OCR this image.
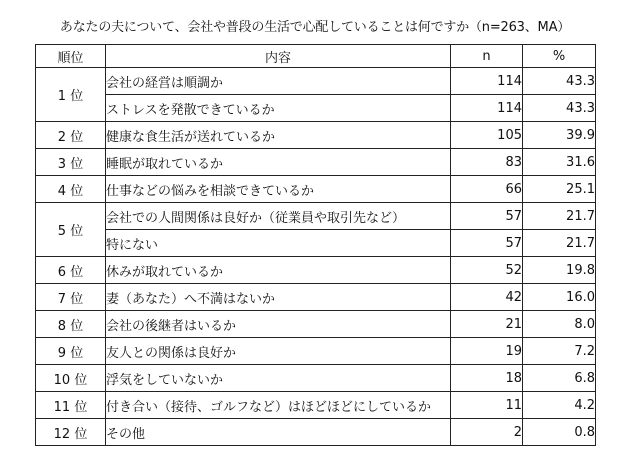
あなたの夫について、会社や普段の生活で心配していることは何ですか（n=263、MA）
順位	内容	n	%
1 位	会社の経営は順調か	114	43.3
	ストレスを発散できているか	114	43.3
2 位	健康な食生活が送れているか	105	39.9
3 位	睡眠が取れているか	83	31.6
4 位	仕事などの悩みを相談できているか	66	25.1
5 位	会社での人間関係は良好か（従業員や取引先など）	57	21.7
	特にない	57	21.7
6 位	休みが取れているか	52	19.8
7 位	妻（あなた）へ不満はないか	42	16.0
8 位	会社の後継者はいるか	21	8.0
9 位	友人との関係は良好か	19	7.2
10 位	浮気をしていないか	18	6.8
11 位	付き合い（接待、ゴルフなど）はほどほどにしているか	11	4.2
12 位	その他	2	0.8
